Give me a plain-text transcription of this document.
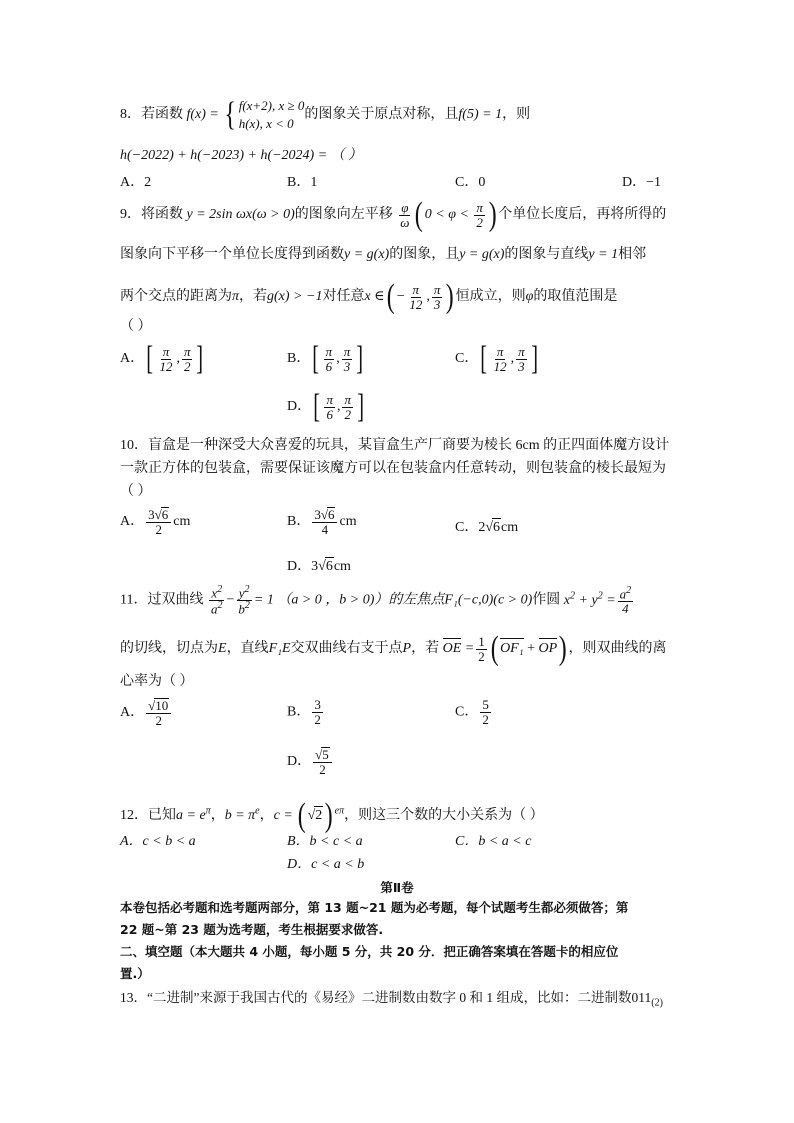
8．若函数 f(x) = { f(x+2), x ≥ 0
h(x), x < 0
的图象关于原点对称，且f(5) = 1，则
h(−2022) + h(−2023) + h(−2024) = （ ）
A．2	B．1	C．0	D．−1
9．将函数 y = 2sin ωx(ω > 0)的图象向左平移 $\frac{\varphi}{\omega}$ ( $0 < \varphi < \frac{\pi}{2}$ ) 个单位长度后，再将所得的
图象向下平移一个单位长度得到函数y = g(x)的图象，且y = g(x)的图象与直线y = 1相邻
两个交点的距离为π，若g(x) > −1对任意x ∈( − $\frac{\pi}{12}$ , $\frac{\pi}{3}$ ) 恒成立，则φ的取值范围是
（ ）
A．[ $\frac{\pi}{12}$ , $\frac{\pi}{2}$ ]	B．[ $\frac{\pi}{6}$ , $\frac{\pi}{3}$ ]	C．[ $\frac{\pi}{12}$ , $\frac{\pi}{3}$ ]
D．[ $\frac{\pi}{6}$ , $\frac{\pi}{2}$ ]
10．盲盒是一种深受大众喜爱的玩具，某盲盒生产厂商要为棱长 6cm 的正四面体魔方设计
一款正方体的包装盒，需要保证该魔方可以在包装盒内任意转动，则包装盒的棱长最短为
（ ）
A． $\frac{3√6}{2}$ cm	B． $\frac{3√6}{4}$ cm	C．2√6cm
D．3√6cm
11．过双曲线 $\frac{x^2}{a^2} - \frac{y^2}{b^2} = 1$ （a > 0 ，b > 0)）的左焦点F₁(−c,0)(c > 0)作圆 $x^2 + y^2 = \frac{a^2}{4}$
的切线，切点为E，直线F₁E交双曲线右支于点P，若 OE = $\frac{1}{2}$ ( OF₁ + OP) ，则双曲线的离
心率为（ ）
A． $\frac{√10}{2}$	B． $\frac{3}{2}$	C． $\frac{5}{2}$
D． $\frac{√5}{2}$
12．已知$a = e^\pi$，$b = \pi^e$，c = ( √2) $^{e\pi}$，则这三个数的大小关系为（ ）
A．c < b < a	B．b < c < a	C．b < a < c
D．c < a < b
第Ⅱ卷
本卷包括必考题和选考题两部分，第 13 题~21 题为必考题，每个试题考生都必须做答；第
22 题~第 23 题为选考题，考生根据要求做答.
二、填空题（本大题共 4 小题，每小题 5 分，共 20 分．把正确答案填在答题卡的相应位
置.）
13．“二进制”来源于我国古代的《易经》二进制数由数字 0 和 1 组成，比如：二进制数$011_{(2)}$
